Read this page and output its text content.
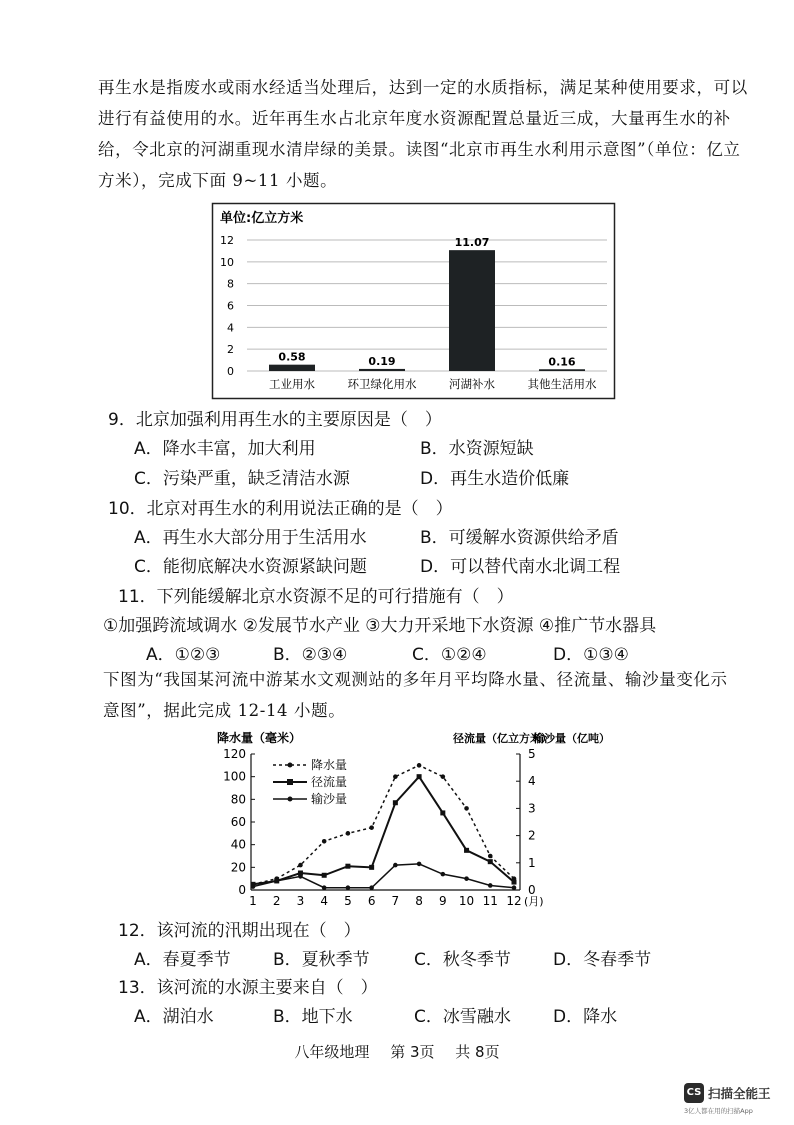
再生水是指废水或雨水经适当处理后，达到一定的水质指标，满足某种使用要求，可以进行有益使用的水。近年再生水占北京年度水资源配置总量近三成，大量再生水的补给，令北京的河湖重现水清岸绿的美景。读图“北京市再生水利用示意图”（单位：亿立方米），完成下面 9~11 小题。
单位:亿立方米
0
2
4
6
8
10
12
0.58	0.19
11.07
0.16
工业用水	环卫绿化用水	河湖补水	其他生活用水
9．北京加强利用再生水的主要原因是（　）
A．降水丰富，加大利用	B．水资源短缺
C．污染严重，缺乏清洁水源	D．再生水造价低廉
10．北京对再生水的利用说法正确的是（　）
A．再生水大部分用于生活用水	B．可缓解水资源供给矛盾
C．能彻底解决水资源紧缺问题	D．可以替代南水北调工程
11．下列能缓解北京水资源不足的可行措施有（　）
①加强跨流域调水 ②发展节水产业 ③大力开采地下水资源 ④推广节水器具
A．①②③	B．②③④	C．①②④	D．①③④
下图为“我国某河流中游某水文观测站的多年月平均降水量、径流量、输沙量变化示意图”，据此完成 12-14 小题。
降水量（毫米）	径流量（亿立方米）
输沙量（亿吨）
0
20
40
60
80
100
120
0
1
2
3
4
5
1 2 3 4 5 6 7 8 9 10 11 12 (月)
降水量
径流量
输沙量
12．该河流的汛期出现在（　）
A．春夏季节 B．夏秋季节	C．秋冬季节 D．冬春季节
13．该河流的水源主要来自（　）
A．湖泊水	B．地下水	C．冰雪融水 D．降水
八年级地理 第 3页 共 8页
CS 扫描全能王
3亿人都在用的扫描App
